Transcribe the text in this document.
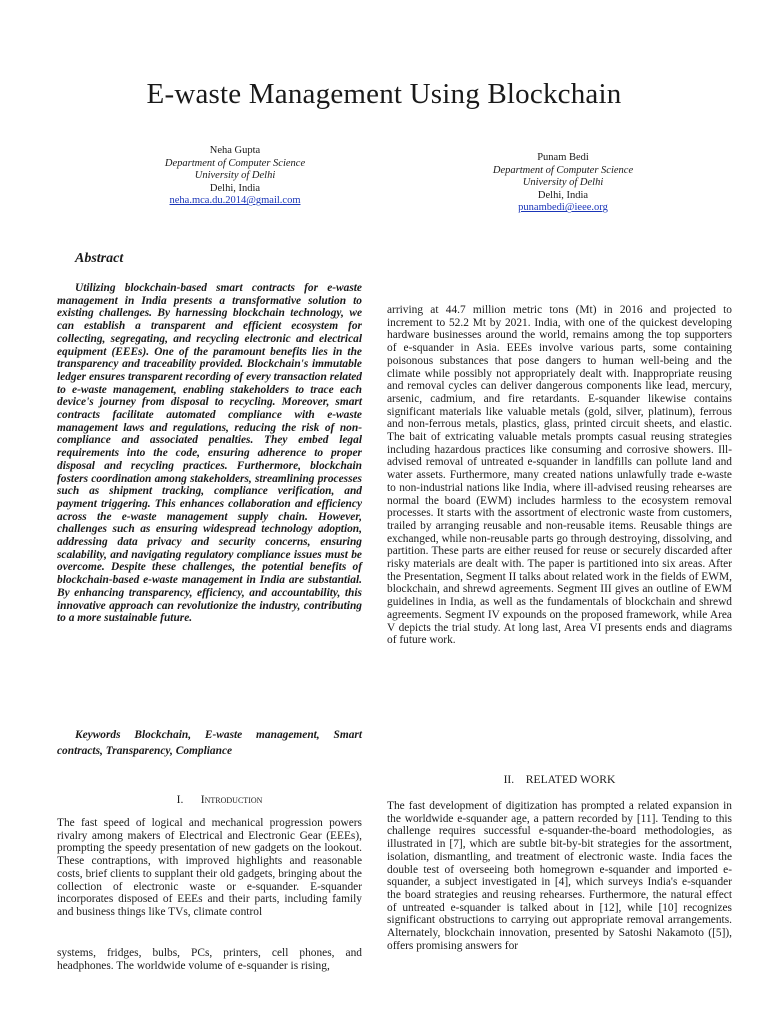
E-waste Management Using Blockchain
Neha Gupta
Department of Computer Science
University of Delhi
Delhi, India
neha.mca.du.2014@gmail.com
Punam Bedi
Department of Computer Science
University of Delhi
Delhi, India
punambedi@ieee.org
Abstract

Utilizing blockchain-based smart contracts for e-waste management in India presents a transformative solution to existing challenges. By harnessing blockchain technology, we can establish a transparent and efficient ecosystem for collecting, segregating, and recycling electronic and electrical equipment (EEEs). One of the paramount benefits lies in the transparency and traceability provided. Blockchain's immutable ledger ensures transparent recording of every transaction related to e-waste management, enabling stakeholders to trace each device's journey from disposal to recycling. Moreover, smart contracts facilitate automated compliance with e-waste management laws and regulations, reducing the risk of non-compliance and associated penalties. They embed legal requirements into the code, ensuring adherence to proper disposal and recycling practices. Furthermore, blockchain fosters coordination among stakeholders, streamlining processes such as shipment tracking, compliance verification, and payment triggering. This enhances collaboration and efficiency across the e-waste management supply chain. However, challenges such as ensuring widespread technology adoption, addressing data privacy and security concerns, ensuring scalability, and navigating regulatory compliance issues must be overcome. Despite these challenges, the potential benefits of blockchain-based e-waste management in India are substantial. By enhancing transparency, efficiency, and accountability, this innovative approach can revolutionize the industry, contributing to a more sustainable future.

Keywords Blockchain, E-waste management, Smart contracts, Transparency, Compliance

I. Introduction

The fast speed of logical and mechanical progression powers rivalry among makers of Electrical and Electronic Gear (EEEs), prompting the speedy presentation of new gadgets on the lookout. These contraptions, with improved highlights and reasonable costs, brief clients to supplant their old gadgets, bringing about the collection of electronic waste or e-squander. E-squander incorporates disposed of EEEs and their parts, including family and business things like TVs, climate control

systems, fridges, bulbs, PCs, printers, cell phones, and headphones. The worldwide volume of e-squander is rising,

arriving at 44.7 million metric tons (Mt) in 2016 and projected to increment to 52.2 Mt by 2021. India, with one of the quickest developing hardware businesses around the world, remains among the top supporters of e-squander in Asia. EEEs involve various parts, some containing poisonous substances that pose dangers to human well-being and the climate while possibly not appropriately dealt with. Inappropriate reusing and removal cycles can deliver dangerous components like lead, mercury, arsenic, cadmium, and fire retardants. E-squander likewise contains significant materials like valuable metals (gold, silver, platinum), ferrous and non-ferrous metals, plastics, glass, printed circuit sheets, and elastic. The bait of extricating valuable metals prompts casual reusing strategies including hazardous practices like consuming and corrosive showers. Ill-advised removal of untreated e-squander in landfills can pollute land and water assets. Furthermore, many created nations unlawfully trade e-waste to non-industrial nations like India, where ill-advised reusing rehearses are normal the board (EWM) includes harmless to the ecosystem removal processes. It starts with the assortment of electronic waste from customers, trailed by arranging reusable and non-reusable items. Reusable things are exchanged, while non-reusable parts go through destroying, dissolving, and partition. These parts are either reused for reuse or securely discarded after risky materials are dealt with. The paper is partitioned into six areas. After the Presentation, Segment II talks about related work in the fields of EWM, blockchain, and shrewd agreements. Segment III gives an outline of EWM guidelines in India, as well as the fundamentals of blockchain and shrewd agreements. Segment IV expounds on the proposed framework, while Area V depicts the trial study. At long last, Area VI presents ends and diagrams of future work.

II. RELATED WORK

The fast development of digitization has prompted a related expansion in the worldwide e-squander age, a pattern recorded by [11]. Tending to this challenge requires successful e-squander-the-board methodologies, as illustrated in [7], which are subtle bit-by-bit strategies for the assortment, isolation, dismantling, and treatment of electronic waste. India faces the double test of overseeing both homegrown e-squander and imported e-squander, a subject investigated in [4], which surveys India's e-squander the board strategies and reusing rehearses. Furthermore, the natural effect of untreated e-squander is talked about in [12], while [10] recognizes significant obstructions to carrying out appropriate removal arrangements. Alternately, blockchain innovation, presented by Satoshi Nakamoto ([5]), offers promising answers for
